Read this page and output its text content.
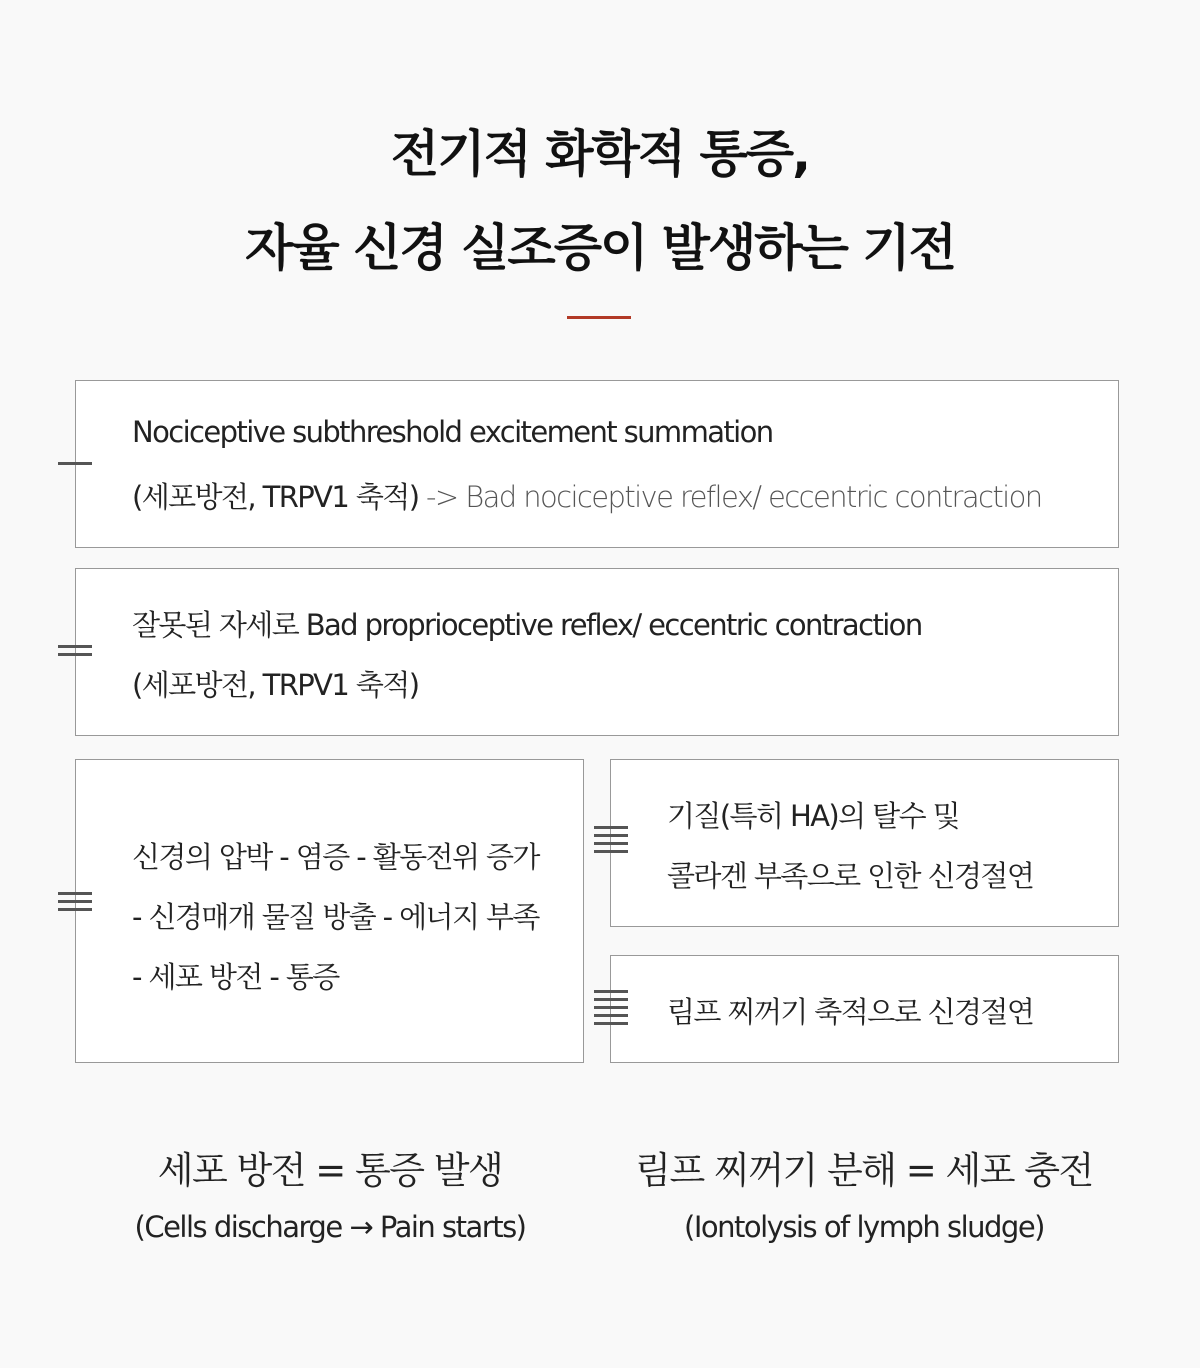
전기적 화학적 통증,
자율 신경 실조증이 발생하는 기전
Nociceptive subthreshold excitement summation
(세포방전, TRPV1 축적) -> Bad nociceptive reflex/ eccentric contraction
잘못된 자세로 Bad proprioceptive reflex/ eccentric contraction
(세포방전, TRPV1 축적)
신경의 압박 - 염증 - 활동전위 증가
- 신경매개 물질 방출 - 에너지 부족
- 세포 방전 - 통증
기질(특히 HA)의 탈수 및
콜라겐 부족으로 인한 신경절연
림프 찌꺼기 축적으로 신경절연
세포 방전 = 통증 발생
(Cells discharge → Pain starts)
림프 찌꺼기 분해 = 세포 충전
(Iontolysis of lymph sludge)
